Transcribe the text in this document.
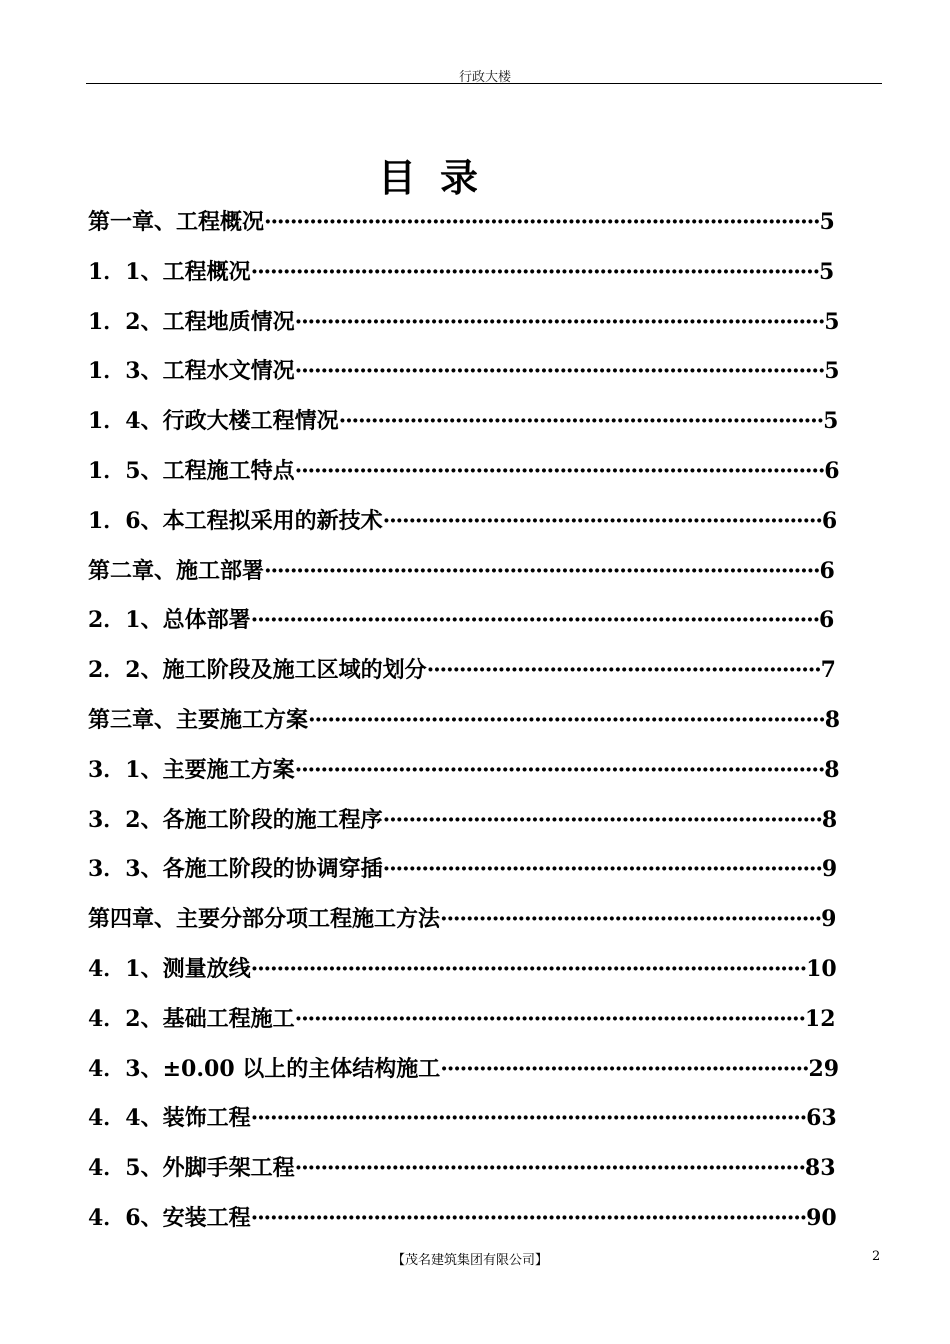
行政大楼
目录
第一章、工程概况······················································································5
1．1、工程概况························································································5
1．2、工程地质情况··················································································5
1．3、工程水文情况··················································································5
1．4、行政大楼工程情况···········································································5
1．5、工程施工特点··················································································6
1．6、本工程拟采用的新技术····································································6
第二章、施工部署······················································································6
2．1、总体部署························································································6
2．2、施工阶段及施工区域的划分·····························································7
第三章、主要施工方案················································································8
3．1、主要施工方案··················································································8
3．2、各施工阶段的施工程序····································································8
3．3、各施工阶段的协调穿插····································································9
第四章、主要分部分项工程施工方法···························································9
4．1、测量放线······················································································10
4．2、基础工程施工···············································································12
4．3、±0.00 以上的主体结构施工·························································29
4．4、装饰工程······················································································63
4．5、外脚手架工程···············································································83
4．6、安装工程······················································································90
【茂名建筑集团有限公司】	2
